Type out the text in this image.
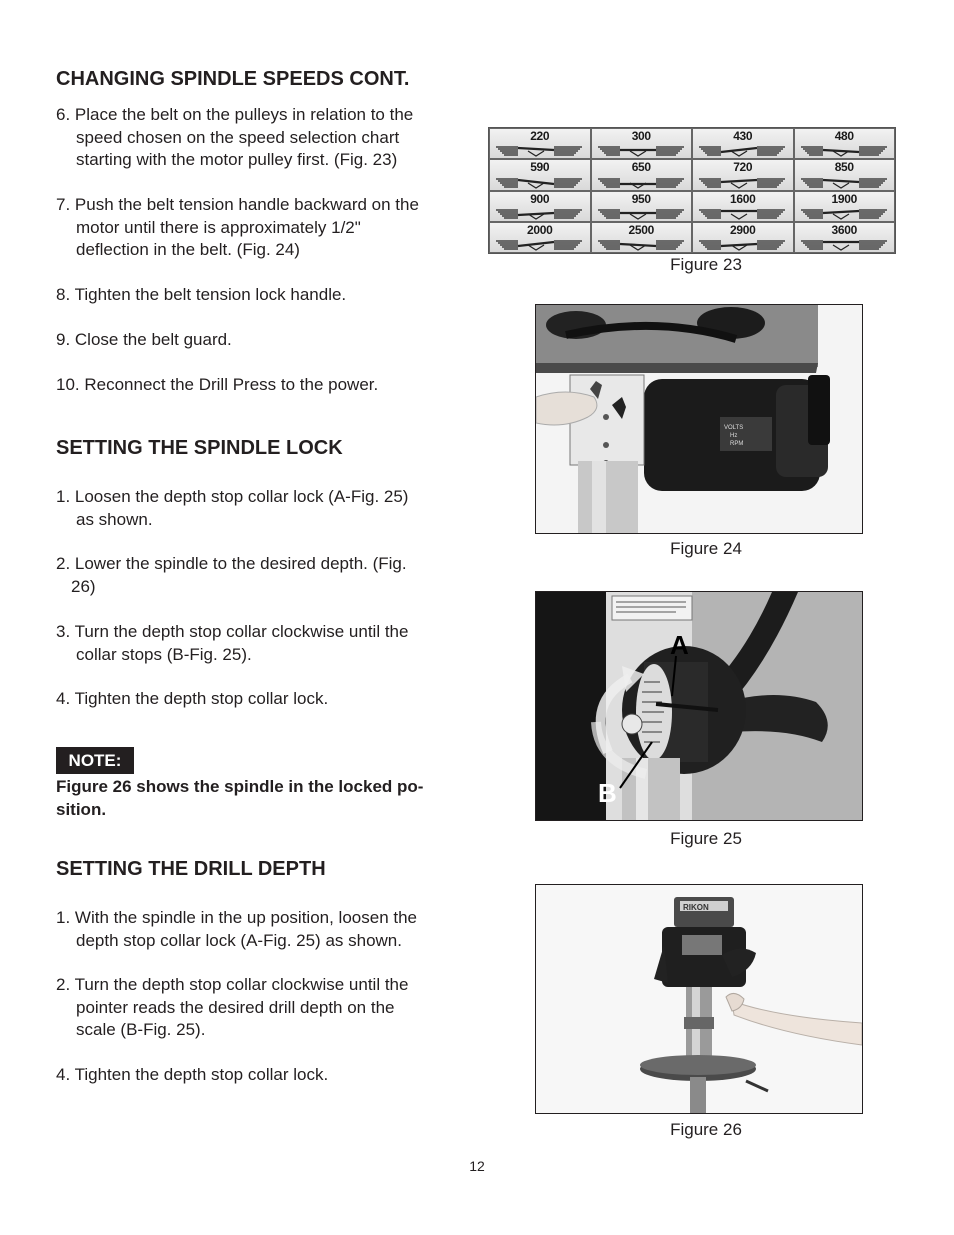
CHANGING SPINDLE SPEEDS CONT.
6. Place the belt on the pulleys in relation to the
speed chosen on the speed selection chart
starting with the motor pulley first. (Fig. 23)
7. Push the belt tension handle backward on the
motor until there is approximately 1/2"
deflection in the belt. (Fig. 24)
8. Tighten the belt tension lock handle.
9. Close the belt guard.
10. Reconnect the Drill Press to the power.
SETTING THE SPINDLE LOCK
1. Loosen the depth stop collar lock (A-Fig. 25)
as shown.
2. Lower the spindle to the desired depth. (Fig.
26)
3. Turn the depth stop collar clockwise until the
collar stops (B-Fig. 25).
4. Tighten the depth stop collar lock.
NOTE:
Figure 26 shows the spindle in the locked po-sition.
SETTING THE DRILL DEPTH
1. With the spindle in the up position, loosen the
depth stop collar lock (A-Fig. 25) as shown.
2. Turn the depth stop collar clockwise until the
pointer reads the desired drill depth on the
scale (B-Fig. 25).
4. Tighten the depth stop collar lock.
220	300	430	480
590	650	720	850
900	950	1600	1900
2000	2500	2900	3600
Figure 23
VOLTS
Hz
RPM
Figure 24
A
B
Figure 25
RIKON
Figure 26
12
